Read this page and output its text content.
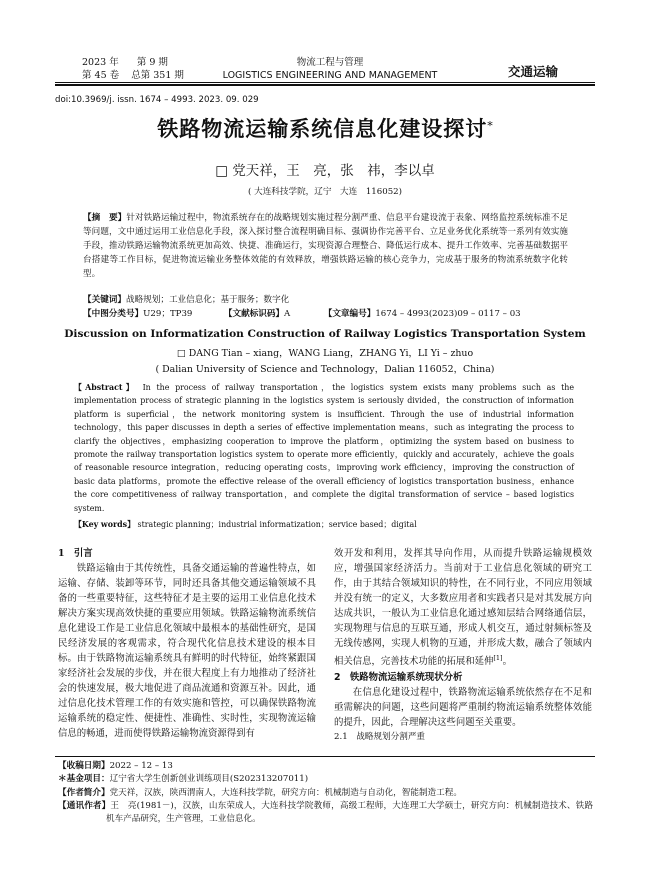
2023 年 第 9 期
第 45 卷 总第 351 期
物流工程与管理
LOGISTICS ENGINEERING AND MANAGEMENT	交通运输
doi:10.3969/j. issn. 1674 – 4993. 2023. 09. 029
铁路物流运输系统信息化建设探讨*
□ 党天祥，王　亮，张　祎，李以卓
( 大连科技学院，辽宁　大连　116052)
【摘　要】针对铁路运输过程中，物流系统存在的战略规划实施过程分割严重、信息平台建设流于表象、网络监控系统标准不足等问题，文中通过运用工业信息化手段，深入探讨整合流程明确目标、强调协作完善平台、立足业务优化系统等一系列有效实施手段，推动铁路运输物流系统更加高效、快捷、准确运行，实现资源合理整合、降低运行成本、提升工作效率、完善基础数据平台搭建等工作目标，促进物流运输业务整体效能的有效释放，增强铁路运输的核心竞争力，完成基于服务的物流系统数字化转型。
【关键词】战略规划；工业信息化；基于服务；数字化
【中图分类号】U29；TP39	【文献标识码】A	【文章编号】1674 – 4993(2023)09 – 0117 – 03
Discussion on Informatization Construction of Railway Logistics Transportation System
□ DANG Tian – xiang，WANG Liang，ZHANG Yi，LI Yi – zhuo
( Dalian University of Science and Technology，Dalian 116052，China)
【Abstract】 In the process of railway transportation，the logistics system exists many problems such as the implementation process of strategic planning in the logistics system is seriously divided，the construction of information platform is superficial，the network monitoring system is insufficient. Through the use of industrial information technology，this paper discusses in depth a series of effective implementation means，such as integrating the process to clarify the objectives，emphasizing cooperation to improve the platform，optimizing the system based on business to promote the railway transportation logistics system to operate more efficiently，quickly and accurately，achieve the goals of reasonable resource integration，reducing operating costs，improving work efficiency，improving the construction of basic data platforms，promote the effective release of the overall efficiency of logistics transportation business，enhance the core competitiveness of railway transportation，and complete the digital transformation of service – based logistics system.
【Key words】 strategic planning；industrial informatization；service based；digital
1　引言

铁路运输由于其传统性，具备交通运输的普遍性特点，如运输、存储、装卸等环节，同时还具备其他交通运输领域不具备的一些重要特征，这些特征才是主要的运用工业信息化技术解决方案实现高效快捷的重要应用领域。铁路运输物流系统信息化建设工作是工业信息化领域中最根本的基础性研究，是国民经济发展的客观需求，符合现代化信息技术建设的根本目标。由于铁路物流运输系统具有鲜明的时代特征，始终紧跟国家经济社会发展的步伐，并在很大程度上有力地推动了经济社会的快速发展，极大地促进了商品流通和资源互补。因此，通过信息化技术管理工作的有效实施和管控，可以确保铁路物流运输系统的稳定性、便捷性、准确性、实时性，实现物流运输信息的畅通，进而使得铁路运输物流资源得到有

效开发和利用，发挥其导向作用，从而提升铁路运输规模效应，增强国家经济活力。当前对于工业信息化领域的研究工作，由于其结合领域知识的特性，在不同行业，不同应用领域并没有统一的定义，大多数应用者和实践者只是对其发展方向达成共识，一般认为工业信息化通过感知层结合网络通信层，实现物理与信息的互联互通，形成人机交互，通过射频标签及无线传感网，实现人机物的互通，并形成大数，融合了领域内相关信息，完善技术功能的拓展和延伸[1]。
2　铁路物流运输系统现状分析

在信息化建设过程中，铁路物流运输系统依然存在不足和亟需解决的问题，这些问题将严重制约物流运输系统整体效能的提升，因此，合理解决这些问题至关重要。

2.1　战略规划分割严重
【收稿日期】2022 – 12 – 13
＊基金项目：辽宁省大学生创新创业训练项目(S202313207011)
【作者简介】党天祥，汉族，陕西渭南人，大连科技学院，研究方向：机械制造与自动化，智能制造工程。
【通讯作者】王　亮(1981－)，汉族，山东荣成人，大连科技学院教师，高级工程师，大连理工大学硕士，研究方向：机械制造技术、铁路机车产品研究，生产管理，工业信息化。
